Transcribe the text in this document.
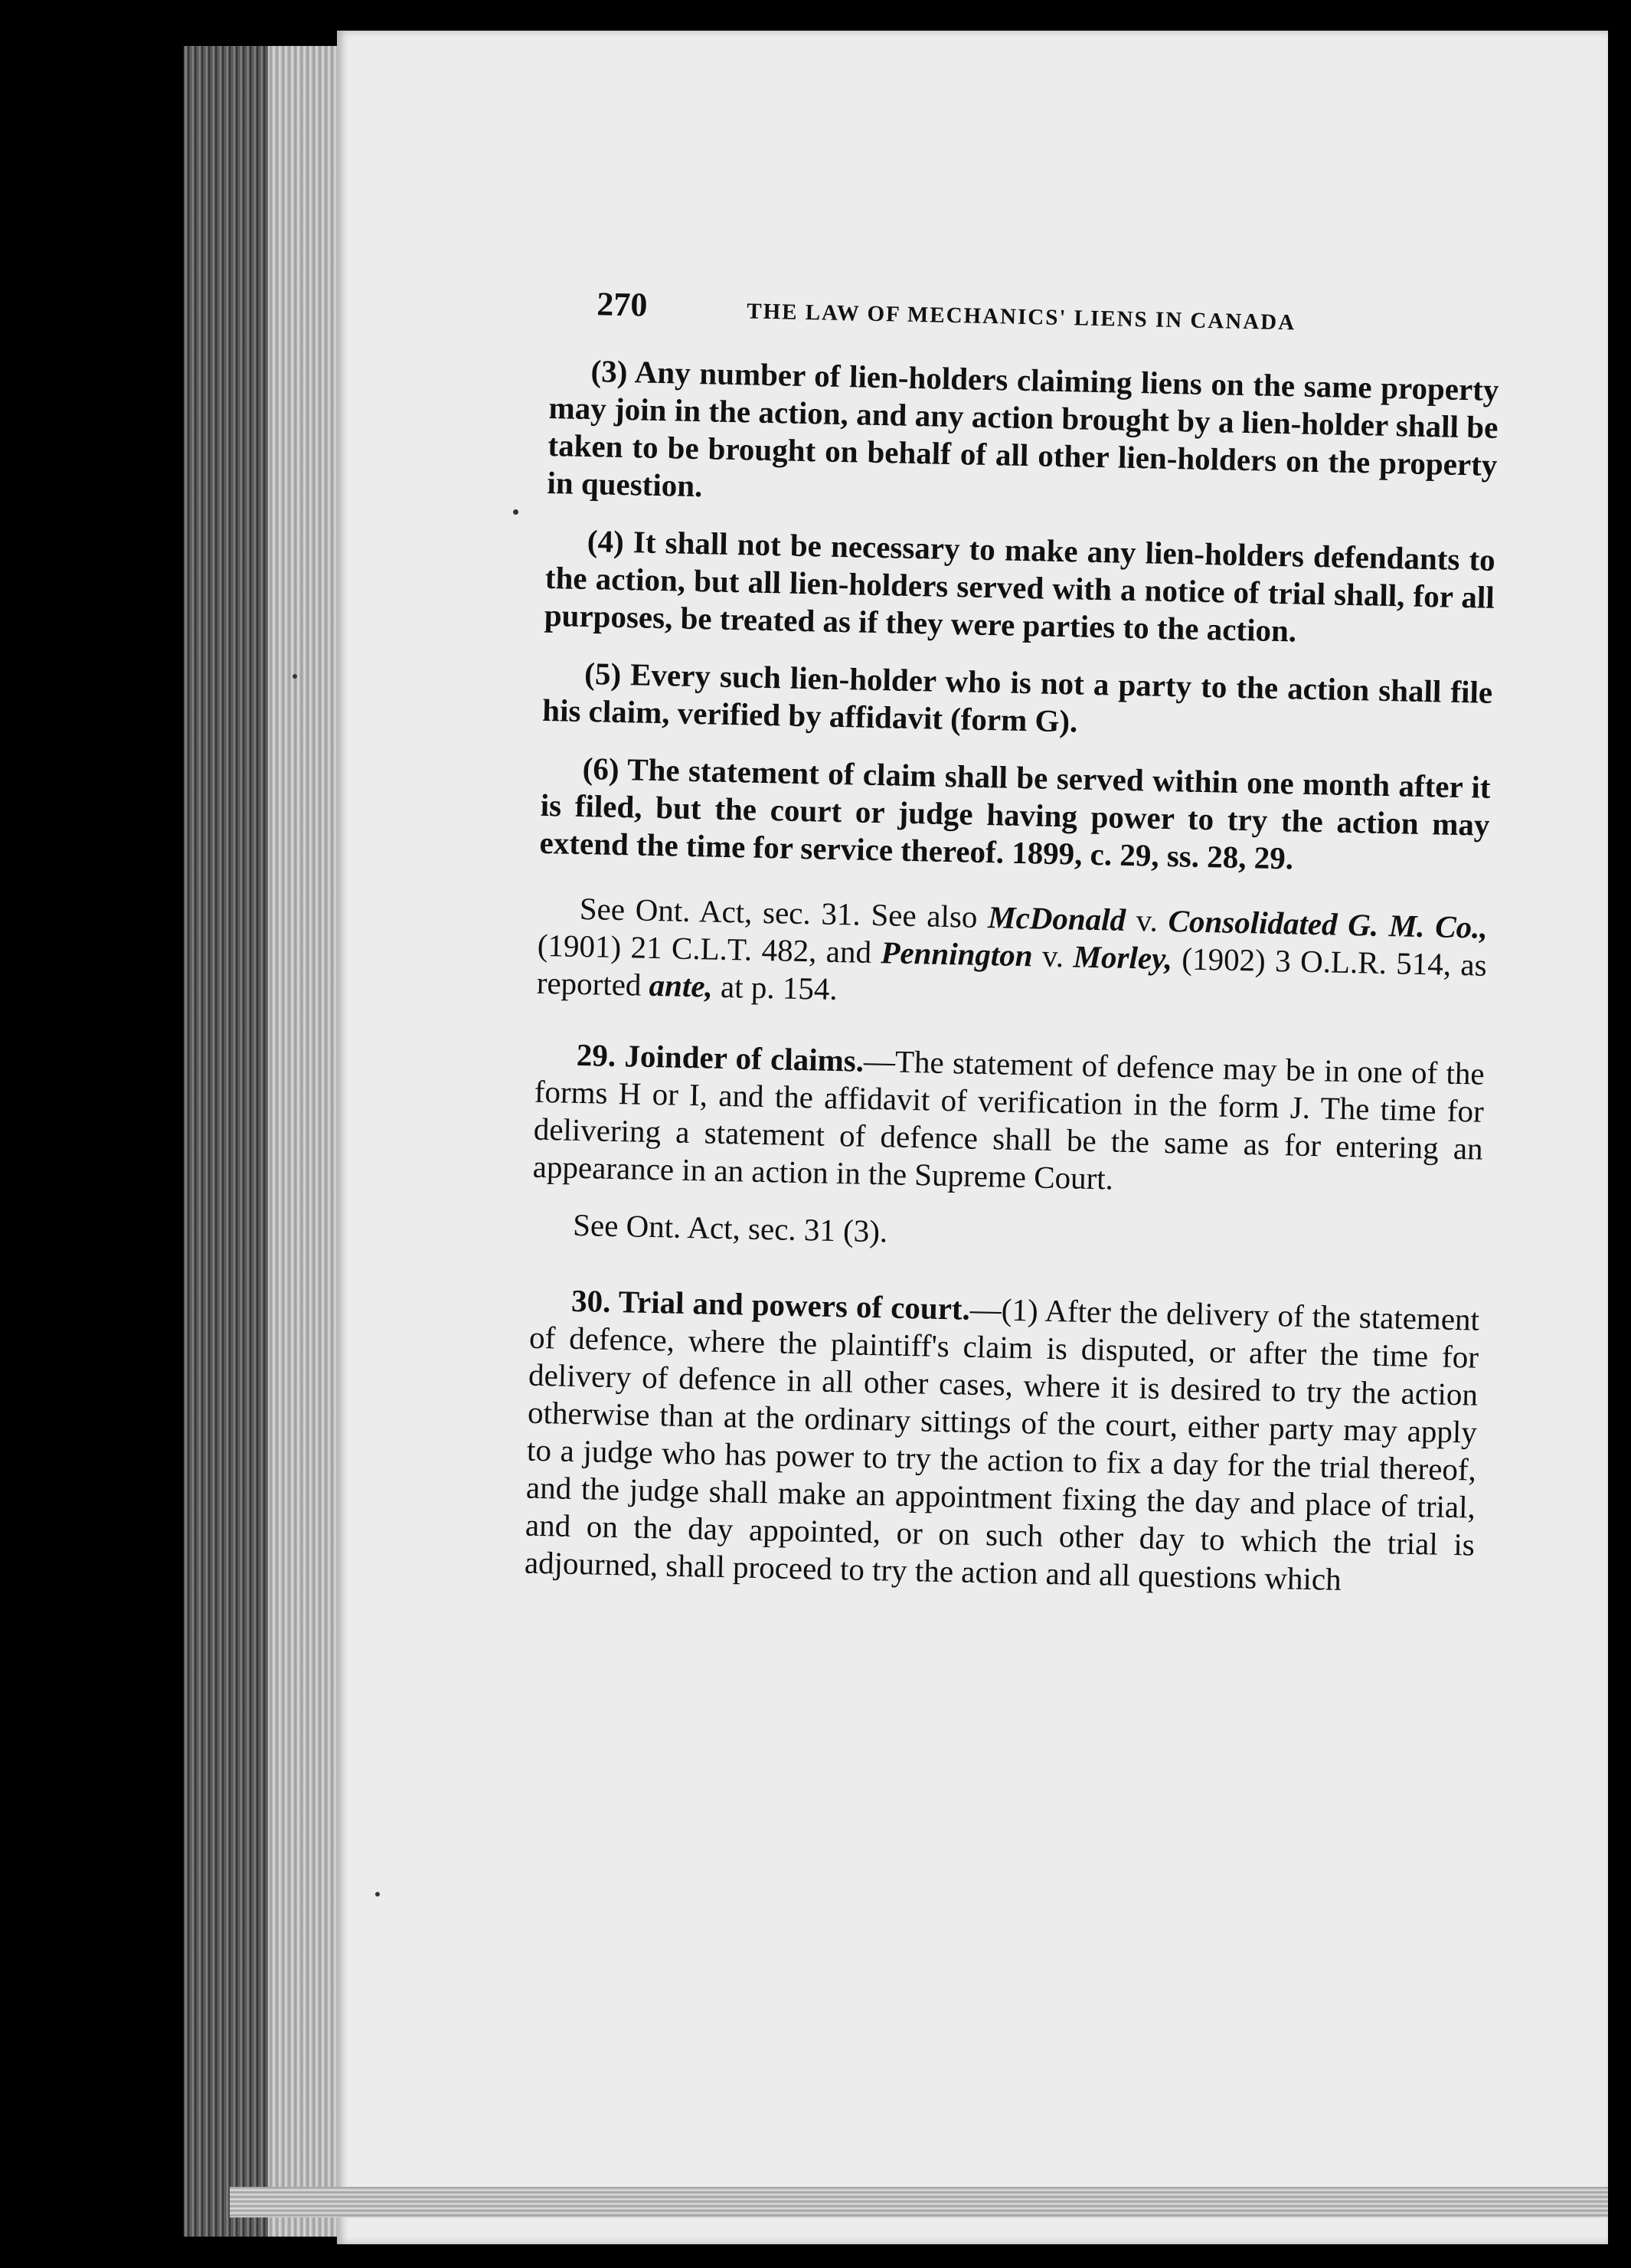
270	THE LAW OF MECHANICS' LIENS IN CANADA

(3) Any number of lien-holders claiming liens on the same property may join in the action, and any action brought by a lien-holder shall be taken to be brought on behalf of all other lien-holders on the property in question.

(4) It shall not be necessary to make any lien-holders defendants to the action, but all lien-holders served with a notice of trial shall, for all purposes, be treated as if they were parties to the action.

(5) Every such lien-holder who is not a party to the action shall file his claim, verified by affidavit (form G).

(6) The statement of claim shall be served within one month after it is filed, but the court or judge having power to try the action may extend the time for service thereof. 1899, c. 29, ss. 28, 29.

See Ont. Act, sec. 31. See also McDonald v. Consolidated G. M. Co., (1901) 21 C.L.T. 482, and Pennington v. Morley, (1902) 3 O.L.R. 514, as reported ante, at p. 154.

29. Joinder of claims.—The statement of defence may be in one of the forms H or I, and the affidavit of verification in the form J. The time for delivering a statement of defence shall be the same as for entering an appearance in an action in the Supreme Court.

See Ont. Act, sec. 31 (3).

30. Trial and powers of court.—(1) After the delivery of the statement of defence, where the plaintiff's claim is disputed, or after the time for delivery of defence in all other cases, where it is desired to try the action otherwise than at the ordinary sittings of the court, either party may apply to a judge who has power to try the action to fix a day for the trial thereof, and the judge shall make an appointment fixing the day and place of trial, and on the day appointed, or on such other day to which the trial is adjourned, shall proceed to try the action and all questions which
